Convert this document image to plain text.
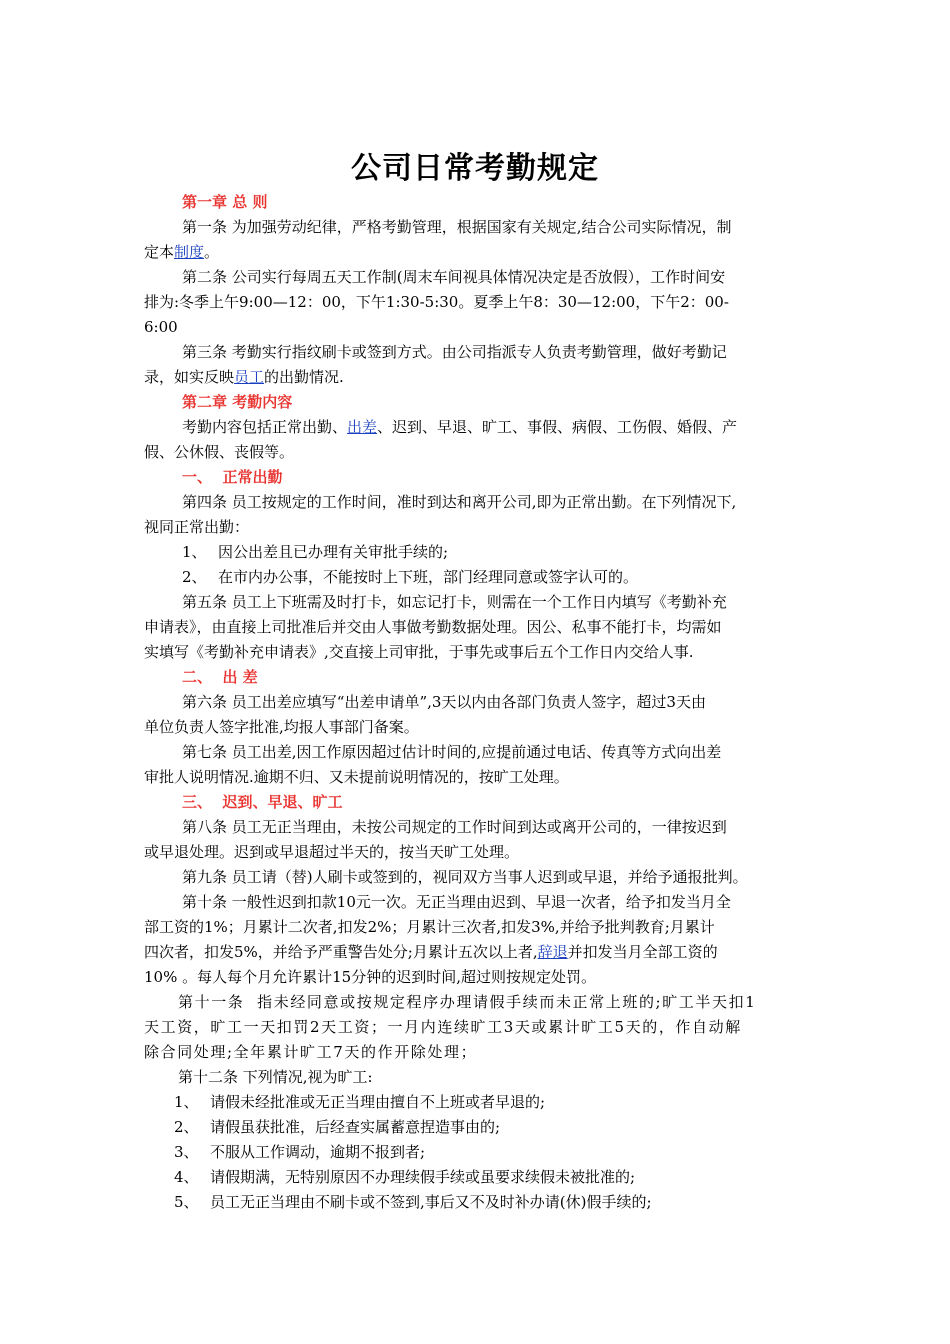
公司日常考勤规定
第一章 总 则
第一条 为加强劳动纪律，严格考勤管理，根据国家有关规定,结合公司实际情况，制
定本制度。
第二条 公司实行每周五天工作制(周末车间视具体情况决定是否放假），工作时间安
排为:冬季上午9:00—12：00，下午1:30-5:30。夏季上午8：30—12:00，下午2：00-
6:00
第三条 考勤实行指纹刷卡或签到方式。由公司指派专人负责考勤管理，做好考勤记
录，如实反映员工的出勤情况.
第二章 考勤内容
考勤内容包括正常出勤、出差、迟到、早退、旷工、事假、病假、工伤假、婚假、产
假、公休假、丧假等。
一、  正常出勤
第四条 员工按规定的工作时间，准时到达和离开公司,即为正常出勤。在下列情况下,
视同正常出勤：
1、 因公出差且已办理有关审批手续的;
2、 在市内办公事，不能按时上下班，部门经理同意或签字认可的。
第五条 员工上下班需及时打卡，如忘记打卡，则需在一个工作日内填写《考勤补充
申请表》，由直接上司批准后并交由人事做考勤数据处理。因公、私事不能打卡，均需如
实填写《考勤补充申请表》,交直接上司审批，于事先或事后五个工作日内交给人事.
二、  出 差
第六条 员工出差应填写“出差申请单”,3天以内由各部门负责人签字，超过3天由
单位负责人签字批准,均报人事部门备案。
第七条 员工出差,因工作原因超过估计时间的,应提前通过电话、传真等方式向出差
审批人说明情况.逾期不归、又未提前说明情况的，按旷工处理。
三、  迟到、早退、旷工
第八条 员工无正当理由，未按公司规定的工作时间到达或离开公司的，一律按迟到
或早退处理。迟到或早退超过半天的，按当天旷工处理。
第九条 员工请（替)人刷卡或签到的，视同双方当事人迟到或早退，并给予通报批判。
第十条 一般性迟到扣款10元一次。无正当理由迟到、早退一次者，给予扣发当月全
部工资的1%；月累计二次者,扣发2%；月累计三次者,扣发3%,并给予批判教育;月累计
四次者，扣发5%，并给予严重警告处分;月累计五次以上者,辞退并扣发当月全部工资的
10% 。每人每个月允许累计15分钟的迟到时间,超过则按规定处罚。
第十一条  指未经同意或按规定程序办理请假手续而未正常上班的;旷工半天扣1
天工资，旷工一天扣罚2天工资；一月内连续旷工3天或累计旷工5天的，作自动解
除合同处理;全年累计旷工7天的作开除处理；
第十二条 下列情况,视为旷工:
1、 请假未经批准或无正当理由擅自不上班或者早退的;
2、 请假虽获批准，后经查实属蓄意捏造事由的;
3、 不服从工作调动，逾期不报到者;
4、 请假期满，无特别原因不办理续假手续或虽要求续假未被批准的;
5、 员工无正当理由不刷卡或不签到,事后又不及时补办请(休)假手续的;
